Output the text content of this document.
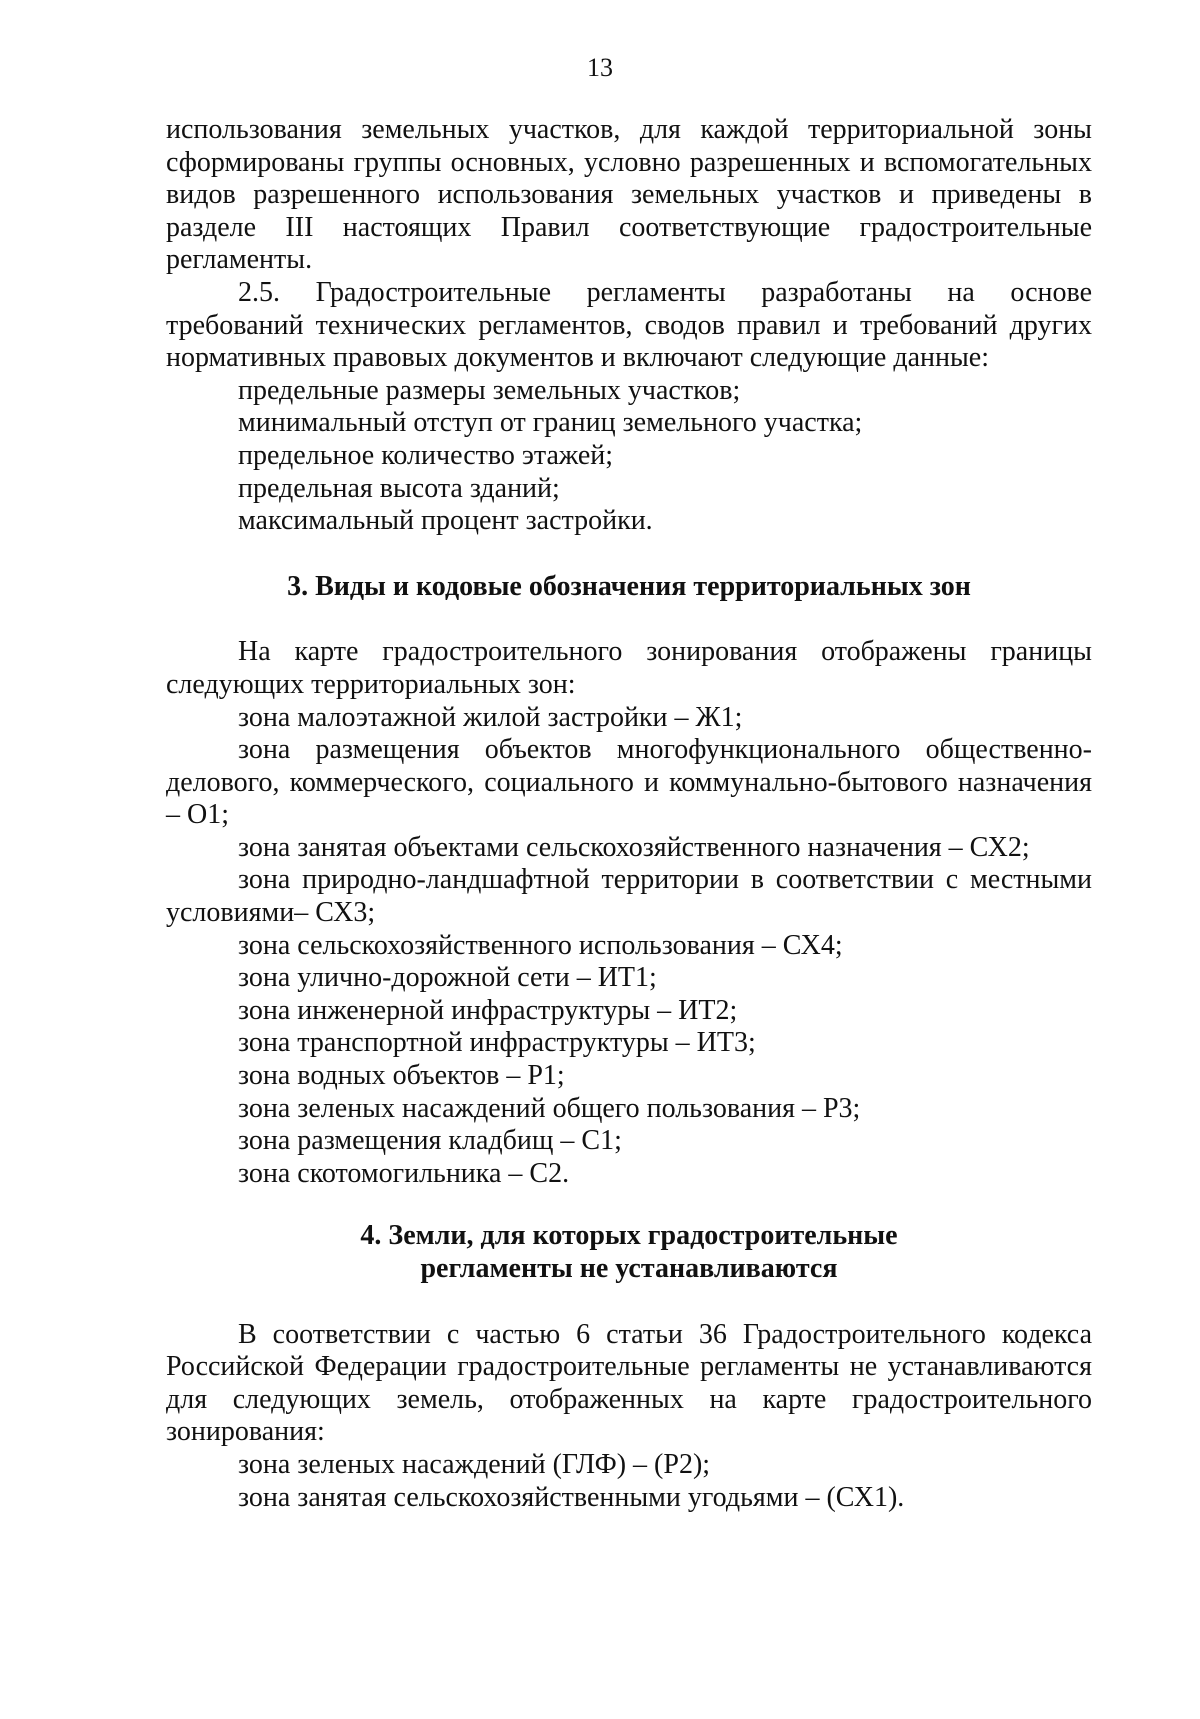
13

использования земельных участков, для каждой территориальной зоны сформированы группы основных, условно разрешенных и вспомогательных видов разрешенного использования земельных участков и приведены в разделе III настоящих Правил соответствующие градостроительные регламенты.

2.5. Градостроительные регламенты разработаны на основе требований технических регламентов, сводов правил и требований других нормативных правовых документов и включают следующие данные:

предельные размеры земельных участков;

минимальный отступ от границ земельного участка;

предельное количество этажей;

предельная высота зданий;

максимальный процент застройки.

3. Виды и кодовые обозначения территориальных зон

На карте градостроительного зонирования отображены границы следующих территориальных зон:

зона малоэтажной жилой застройки – Ж1;

зона размещения объектов многофункционального общественно-делового, коммерческого, социального и коммунально-бытового назначения – О1;

зона занятая объектами сельскохозяйственного назначения – СХ2;

зона природно-ландшафтной территории в соответствии с местными условиями– СХ3;

зона сельскохозяйственного использования – СХ4;

зона улично-дорожной сети – ИТ1;

зона инженерной инфраструктуры – ИТ2;

зона транспортной инфраструктуры – ИТ3;

зона водных объектов – Р1;

зона зеленых насаждений общего пользования – Р3;

зона размещения кладбищ – С1;

зона скотомогильника – С2.

4. Земли, для которых градостроительные

регламенты не устанавливаются

В соответствии с частью 6 статьи 36 Градостроительного кодекса Российской Федерации градостроительные регламенты не устанавливаются для следующих земель, отображенных на карте градостроительного зонирования:

зона зеленых насаждений (ГЛФ) – (Р2);

зона занятая сельскохозяйственными угодьями – (СХ1).
